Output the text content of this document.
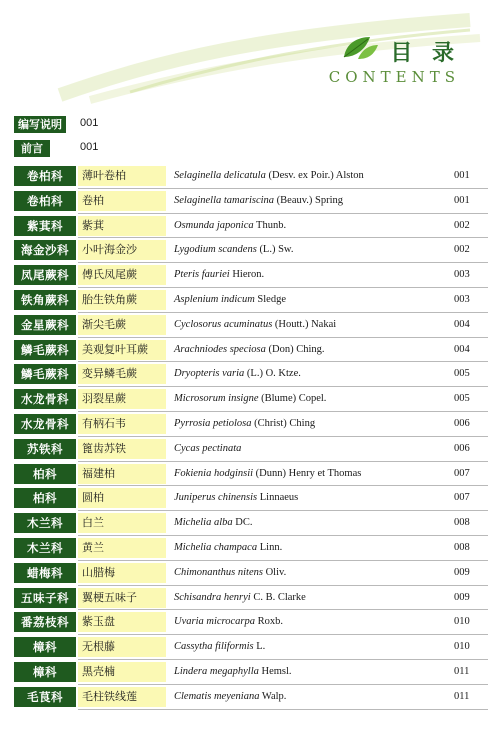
目 录
CONTENTS
编写说明	001
前言	001
卷柏科	薄叶卷柏	Selaginella delicatula (Desv. ex Poir.) Alston	001
卷柏科	卷柏	Selaginella tamariscina (Beauv.) Spring	001
紫萁科	紫萁	Osmunda japonica Thunb.	002
海金沙科	小叶海金沙	Lygodium scandens (L.) Sw.	002
凤尾蕨科	傅氏凤尾蕨	Pteris fauriei Hieron.	003
铁角蕨科	胎生铁角蕨	Asplenium indicum Sledge	003
金星蕨科	渐尖毛蕨	Cyclosorus acuminatus (Houtt.) Nakai	004
鳞毛蕨科	美观复叶耳蕨	Arachniodes speciosa (Don) Ching.	004
鳞毛蕨科	变异鳞毛蕨	Dryopteris varia (L.) O. Ktze.	005
水龙骨科	羽裂星蕨	Microsorum insigne (Blume) Copel.	005
水龙骨科	有柄石韦	Pyrrosia petiolosa (Christ) Ching	006
苏铁科	篦齿苏铁	Cycas pectinata	006
柏科	福建柏	Fokienia hodginsii (Dunn) Henry et Thomas	007
柏科	圆柏	Juniperus chinensis Linnaeus	007
木兰科	白兰	Michelia alba DC.	008
木兰科	黄兰	Michelia champaca Linn.	008
蜡梅科	山腊梅	Chimonanthus nitens Oliv.	009
五味子科	翼梗五味子	Schisandra henryi C. B. Clarke	009
番荔枝科	紫玉盘	Uvaria microcarpa Roxb.	010
樟科	无根藤	Cassytha filiformis L.	010
樟科	黑壳楠	Lindera megaphylla Hemsl.	011
毛茛科	毛柱铁线莲	Clematis meyeniana Walp.	011
